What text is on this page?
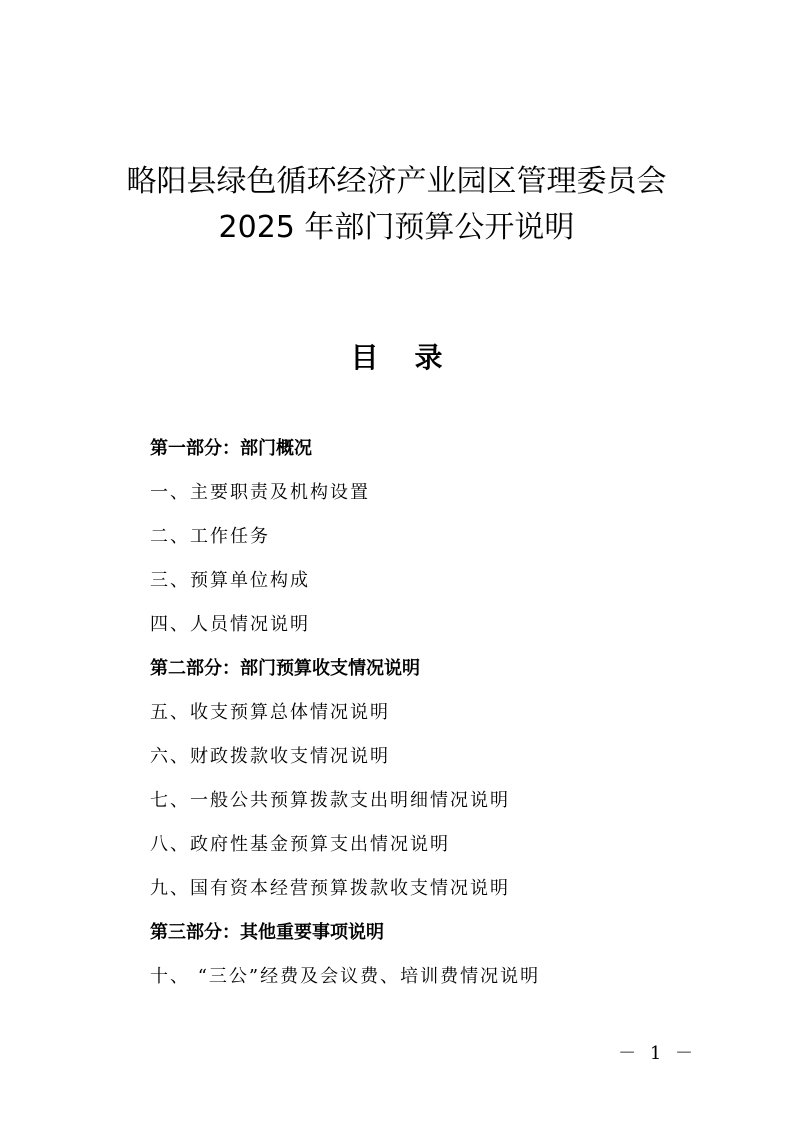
略阳县绿色循环经济产业园区管理委员会
2025 年部门预算公开说明
目录
第一部分：部门概况
一、主要职责及机构设置
二、工作任务
三、预算单位构成
四、人员情况说明
第二部分：部门预算收支情况说明
五、收支预算总体情况说明
六、财政拨款收支情况说明
七、一般公共预算拨款支出明细情况说明
八、政府性基金预算支出情况说明
九、国有资本经营预算拨款收支情况说明
第三部分：其他重要事项说明
十、 “三公”经费及会议费、培训费情况说明
－ 1 －
